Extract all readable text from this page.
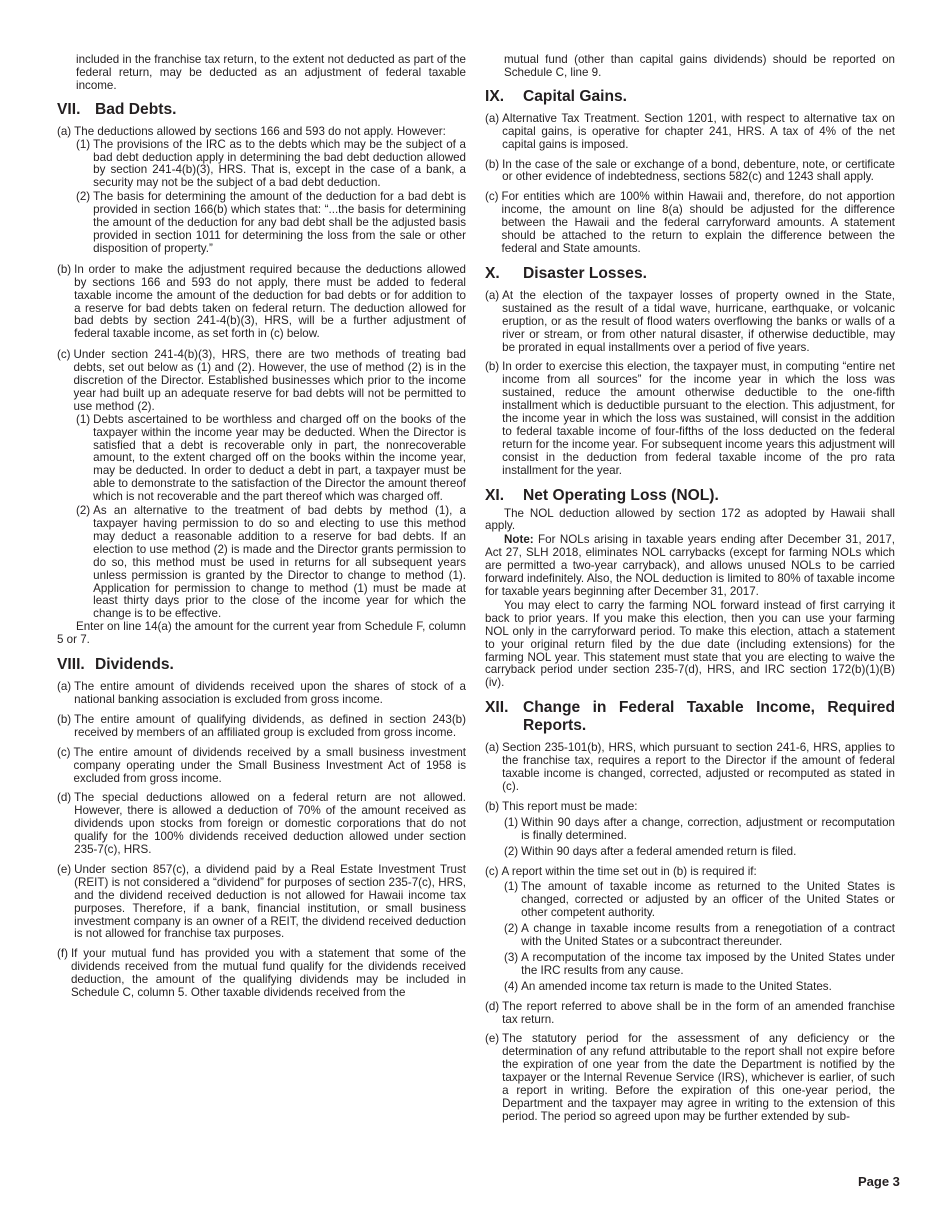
included in the franchise tax return, to the extent not deducted as part of the federal return, may be deducted as an adjustment of federal taxable income.

VII. Bad Debts.
(a) The deductions allowed by sections 166 and 593 do not apply. However:
(1) The provisions of the IRC as to the debts which may be the subject of a bad debt deduction apply in determining the bad debt deduction allowed by section 241-4(b)(3), HRS. That is, except in the case of a bank, a security may not be the subject of a bad debt deduction.
(2) The basis for determining the amount of the deduction for a bad debt is provided in section 166(b) which states that: “...the basis for determining the amount of the deduction for any bad debt shall be the adjusted basis provided in section 1011 for determining the loss from the sale or other disposition of property.”
(b) In order to make the adjustment required because the deductions allowed by sections 166 and 593 do not apply, there must be added to federal taxable income the amount of the deduction for bad debts or for addition to a reserve for bad debts taken on federal return. The deduction allowed for bad debts by section 241-4(b)(3), HRS, will be a further adjustment of federal taxable income, as set forth in (c) below.
(c) Under section 241-4(b)(3), HRS, there are two methods of treating bad debts, set out below as (1) and (2). However, the use of method (2) is in the discretion of the Director. Established businesses which prior to the income year had built up an adequate reserve for bad debts will not be permitted to use method (2).
(1) Debts ascertained to be worthless and charged off on the books of the taxpayer within the income year may be deducted. When the Director is satisfied that a debt is recoverable only in part, the nonrecoverable amount, to the extent charged off on the books within the income year, may be deducted. In order to deduct a debt in part, a taxpayer must be able to demonstrate to the satisfaction of the Director the amount thereof which is not recoverable and the part thereof which was charged off.
(2) As an alternative to the treatment of bad debts by method (1), a taxpayer having permission to do so and electing to use this method may deduct a reasonable addition to a reserve for bad debts. If an election to use method (2) is made and the Director grants permission to do so, this method must be used in returns for all subsequent years unless permission is granted by the Director to change to method (1). Application for permission to change to method (1) must be made at least thirty days prior to the close of the income year for which the change is to be effective.

Enter on line 14(a) the amount for the current year from Schedule F, column 5 or 7.

VIII. Dividends.
(a) The entire amount of dividends received upon the shares of stock of a national banking association is excluded from gross income.
(b) The entire amount of qualifying dividends, as defined in section 243(b) received by members of an affiliated group is excluded from gross income.
(c) The entire amount of dividends received by a small business investment company operating under the Small Business Investment Act of 1958 is excluded from gross income.
(d) The special deductions allowed on a federal return are not allowed. However, there is allowed a deduction of 70% of the amount received as dividends upon stocks from foreign or domestic corporations that do not qualify for the 100% dividends received deduction allowed under section 235-7(c), HRS.
(e) Under section 857(c), a dividend paid by a Real Estate Investment Trust (REIT) is not considered a “dividend” for purposes of section 235-7(c), HRS, and the dividend received deduction is not allowed for Hawaii income tax purposes. Therefore, if a bank, financial institution, or small business investment company is an owner of a REIT, the dividend received deduction is not allowed for franchise tax purposes.
(f) If your mutual fund has provided you with a statement that some of the dividends received from the mutual fund qualify for the dividends received deduction, the amount of the qualifying dividends may be included in Schedule C, column 5. Other taxable dividends received from the

mutual fund (other than capital gains dividends) should be reported on Schedule C, line 9.

IX. Capital Gains.
(a) Alternative Tax Treatment. Section 1201, with respect to alternative tax on capital gains, is operative for chapter 241, HRS. A tax of 4% of the net capital gains is imposed.
(b) In the case of the sale or exchange of a bond, debenture, note, or certificate or other evidence of indebtedness, sections 582(c) and 1243 shall apply.
(c) For entities which are 100% within Hawaii and, therefore, do not apportion income, the amount on line 8(a) should be adjusted for the difference between the Hawaii and the federal carryforward amounts. A statement should be attached to the return to explain the difference between the federal and State amounts.
X. Disaster Losses.
(a) At the election of the taxpayer losses of property owned in the State, sustained as the result of a tidal wave, hurricane, earthquake, or volcanic eruption, or as the result of flood waters overflowing the banks or walls of a river or stream, or from other natural disaster, if otherwise deductible, may be prorated in equal installments over a period of five years.
(b) In order to exercise this election, the taxpayer must, in computing “entire net income from all sources” for the income year in which the loss was sustained, reduce the amount otherwise deductible to the one-fifth installment which is deductible pursuant to the election. This adjustment, for the income year in which the loss was sustained, will consist in the addition to federal taxable income of four-fifths of the loss deducted on the federal return for the income year. For subsequent income years this adjustment will consist in the deduction from federal taxable income of the pro rata installment for the year.
XI. Net Operating Loss (NOL).

The NOL deduction allowed by section 172 as adopted by Hawaii shall apply.

Note: For NOLs arising in taxable years ending after December 31, 2017, Act 27, SLH 2018, eliminates NOL carrybacks (except for farming NOLs which are permitted a two-year carryback), and allows unused NOLs to be carried forward indefinitely. Also, the NOL deduction is limited to 80% of taxable income for taxable years beginning after December 31, 2017.

You may elect to carry the farming NOL forward instead of first carrying it back to prior years. If you make this election, then you can use your farming NOL only in the carryforward period. To make this election, attach a statement to your original return filed by the due date (including extensions) for the farming NOL year. This statement must state that you are electing to waive the carryback period under section 235-7(d), HRS, and IRC section 172(b)(1)(B)(iv).

XII. Change in Federal Taxable Income, Required Reports.
(a) Section 235-101(b), HRS, which pursuant to section 241-6, HRS, applies to the franchise tax, requires a report to the Director if the amount of federal taxable income is changed, corrected, adjusted or recomputed as stated in (c).
(b) This report must be made:
(1) Within 90 days after a change, correction, adjustment or recomputation is finally determined.
(2) Within 90 days after a federal amended return is filed.
(c) A report within the time set out in (b) is required if:
(1) The amount of taxable income as returned to the United States is changed, corrected or adjusted by an officer of the United States or other competent authority.
(2) A change in taxable income results from a renegotiation of a contract with the United States or a subcontract thereunder.
(3) A recomputation of the income tax imposed by the United States under the IRC results from any cause.
(4) An amended income tax return is made to the United States.
(d) The report referred to above shall be in the form of an amended franchise tax return.
(e) The statutory period for the assessment of any deficiency or the determination of any refund attributable to the report shall not expire before the expiration of one year from the date the Department is notified by the taxpayer or the Internal Revenue Service (IRS), whichever is earlier, of such a report in writing. Before the expiration of this one-year period, the Department and the taxpayer may agree in writing to the extension of this period. The period so agreed upon may be further extended by sub-
Page 3
